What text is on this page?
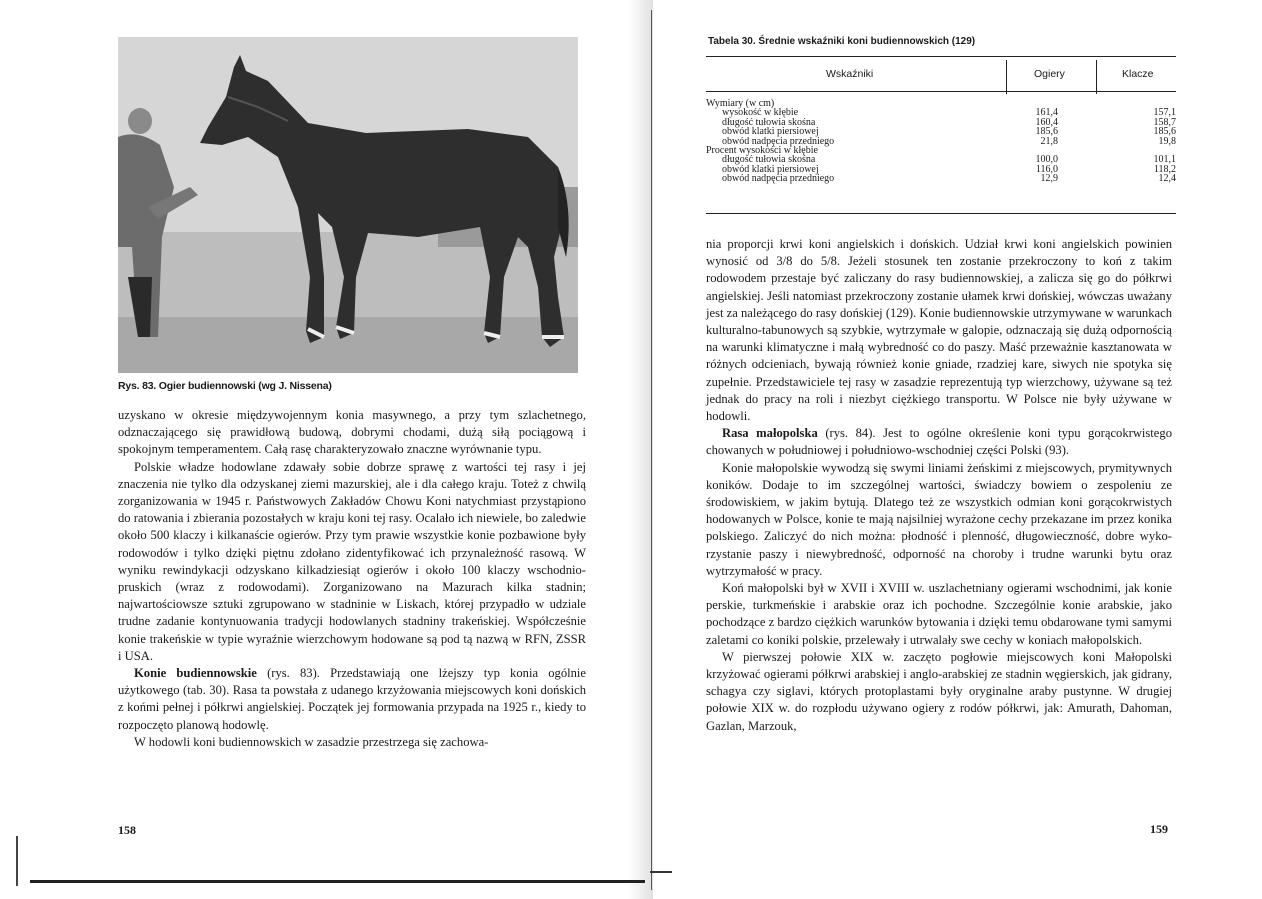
Rys. 83. Ogier budiennowski (wg J. Nissena)

uzyskano w okresie międzywojennym konia masywnego, a przy tym szlachetnego, odznaczającego się prawidłową budową, dobrymi chodami, dużą siłą pociągową i spokojnym temperamentem. Całą rasę charakteryzowało znaczne wyrównanie typu.

Polskie władze hodowlane zdawały sobie dobrze sprawę z wartości tej rasy i jej znaczenia nie tylko dla odzyskanej ziemi mazurskiej, ale i dla całego kraju. Toteż z chwilą zorganizowania w 1945 r. Państwowych Zakładów Chowu Koni natychmiast przystąpiono do ratowania i zbierania pozostałych w kraju koni tej rasy. Ocalało ich niewiele, bo zaledwie około 500 klaczy i kilkanaście ogierów. Przy tym prawie wszystkie konie pozbawione były rodowodów i tylko dzięki piętnu zdołano zidentyfikować ich przynależność rasową. W wyniku rewindykacji odzyskano kilkadziesiąt ogierów i około 100 klaczy wschodnio-pruskich (wraz z rodowodami). Zorganizowano na Mazurach kilka stadnin; najwartościowsze sztuki zgrupowano w stadninie w Liskach, której przypadło w udziale trudne zadanie kontynuowania tradycji hodowlanych stadniny trakeńskiej. Współcześnie konie trakeńskie w typie wyraźnie wierzchowym hodowane są pod tą nazwą w RFN, ZSSR i USA.

Konie budiennowskie (rys. 83). Przedstawiają one lżejszy typ konia ogólnie użytkowego (tab. 30). Rasa ta powstała z udanego krzyżowania miejscowych koni dońskich z końmi pełnej i półkrwi angielskiej. Początek jej formowania przypada na 1925 r., kiedy to rozpoczęto planową hodowlę.

W hodowli koni budiennowskich w zasadzie przestrzega się zachowa-

158
Tabela 30. Średnie wskaźniki koni budiennowskich (129)
Wskaźniki	Ogiery	Klacze
Wymiary (w cm)
wysokość w kłębie	161,4	157,1
długość tułowia skośna	160,4	158,7
obwód klatki piersiowej	185,6	185,6
obwód nadpęcia przedniego	21,8	19,8
Procent wysokości w kłębie
długość tułowia skośna	100,0	101,1
obwód klatki piersiowej	116,0	118,2
obwód nadpęcia przedniego	12,9	12,4

nia proporcji krwi koni angielskich i dońskich. Udział krwi koni angielskich powinien wynosić od 3/8 do 5/8. Jeżeli stosunek ten zostanie przekroczony to koń z takim rodowodem przestaje być zaliczany do rasy budiennowskiej, a zalicza się go do półkrwi angielskiej. Jeśli natomiast przekroczony zostanie ułamek krwi dońskiej, wówczas uważany jest za należącego do rasy dońskiej (129). Konie budiennowskie utrzymywane w warunkach kulturalno-tabunowych są szybkie, wytrzymałe w galopie, odznaczają się dużą odpornością na warunki klimatyczne i małą wybredność co do paszy. Maść przeważnie kasztanowata w różnych odcieniach, bywają również konie gniade, rzadziej kare, siwych nie spotyka się zupełnie. Przedstawiciele tej rasy w zasadzie reprezentują typ wierzchowy, używane są też jednak do pracy na roli i niezbyt ciężkiego transportu. W Polsce nie były używane w hodowli.

Rasa małopolska (rys. 84). Jest to ogólne określenie koni typu gorącokrwistego chowanych w południowej i południowo-wschodniej części Polski (93).

Konie małopolskie wywodzą się swymi liniami żeńskimi z miejscowych, prymitywnych koników. Dodaje to im szczególnej wartości, świadczy bowiem o zespoleniu ze środowiskiem, w jakim bytują. Dlatego też ze wszystkich odmian koni gorącokrwistych hodowanych w Polsce, konie te mają najsilniej wyrażone cechy przekazane im przez konika polskiego. Zaliczyć do nich można: płodność i plenność, długowieczność, dobre wykorzystanie paszy i niewybredność, odporność na choroby i trudne warunki bytu oraz wytrzymałość w pracy.

Koń małopolski był w XVII i XVIII w. uszlachetniany ogierami wschodnimi, jak konie perskie, turkmeńskie i arabskie oraz ich pochodne. Szczególnie konie arabskie, jako pochodzące z bardzo ciężkich warunków bytowania i dzięki temu obdarowane tymi samymi zaletami co koniki polskie, przelewały i utrwalały swe cechy w koniach małopolskich.

W pierwszej połowie XIX w. zaczęto pogłowie miejscowych koni Małopolski krzyżować ogierami półkrwi arabskiej i anglo-arabskiej ze stadnin węgierskich, jak gidrany, schagya czy siglavi, których protoplastami były oryginalne araby pustynne. W drugiej połowie XIX w. do rozpłodu używano ogiery z rodów półkrwi, jak: Amurath, Dahoman, Gazlan, Marzouk,

159
